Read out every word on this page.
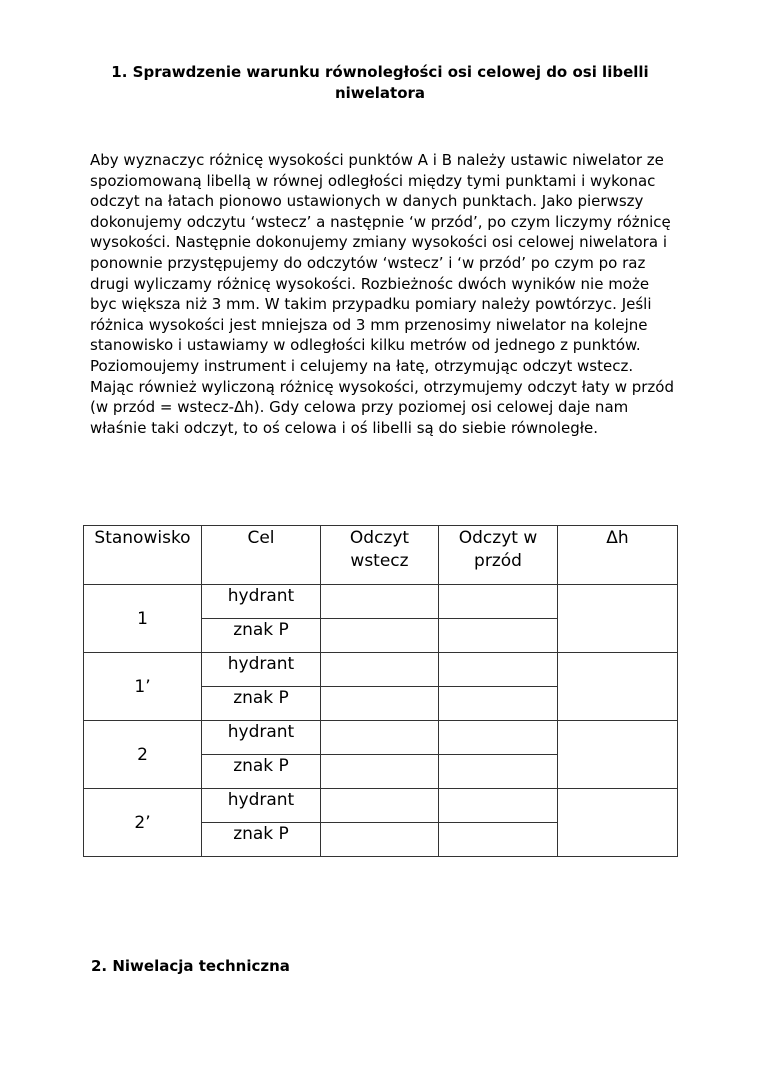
1. Sprawdzenie warunku równoległości osi celowej do osi libelli niwelatora

Aby wyznaczyc różnicę wysokości punktów A i B należy ustawic niwelator ze spoziomowaną libellą w równej odległości między tymi punktami i wykonac odczyt na łatach pionowo ustawionych w danych punktach. Jako pierwszy dokonujemy odczytu ‘wstecz’ a następnie ‘w przód’, po czym liczymy różnicę wysokości. Następnie dokonujemy zmiany wysokości osi celowej niwelatora i ponownie przystępujemy do odczytów ‘wstecz’ i ‘w przód’ po czym po raz drugi wyliczamy różnicę wysokości. Rozbieżnośc dwóch wyników nie może byc większa niż 3 mm. W takim przypadku pomiary należy powtórzyc. Jeśli różnica wysokości jest mniejsza od 3 mm przenosimy niwelator na kolejne stanowisko i ustawiamy w odległości kilku metrów od jednego z punktów. Poziomoujemy instrument i celujemy na łatę, otrzymując odczyt wstecz. Mając również wyliczoną różnicę wysokości, otrzymujemy odczyt łaty w przód (w przód = wstecz-Δh). Gdy celowa przy poziomej osi celowej daje nam właśnie taki odczyt, to oś celowa i oś libelli są do siebie równoległe.

Stanowisko	Cel	Odczyt wstecz	Odczyt w przód	Δh
1	hydrant			
	znak P			
1’	hydrant			
	znak P			
2	hydrant			
	znak P			
2’	hydrant			
	znak P			

2. Niwelacja techniczna
